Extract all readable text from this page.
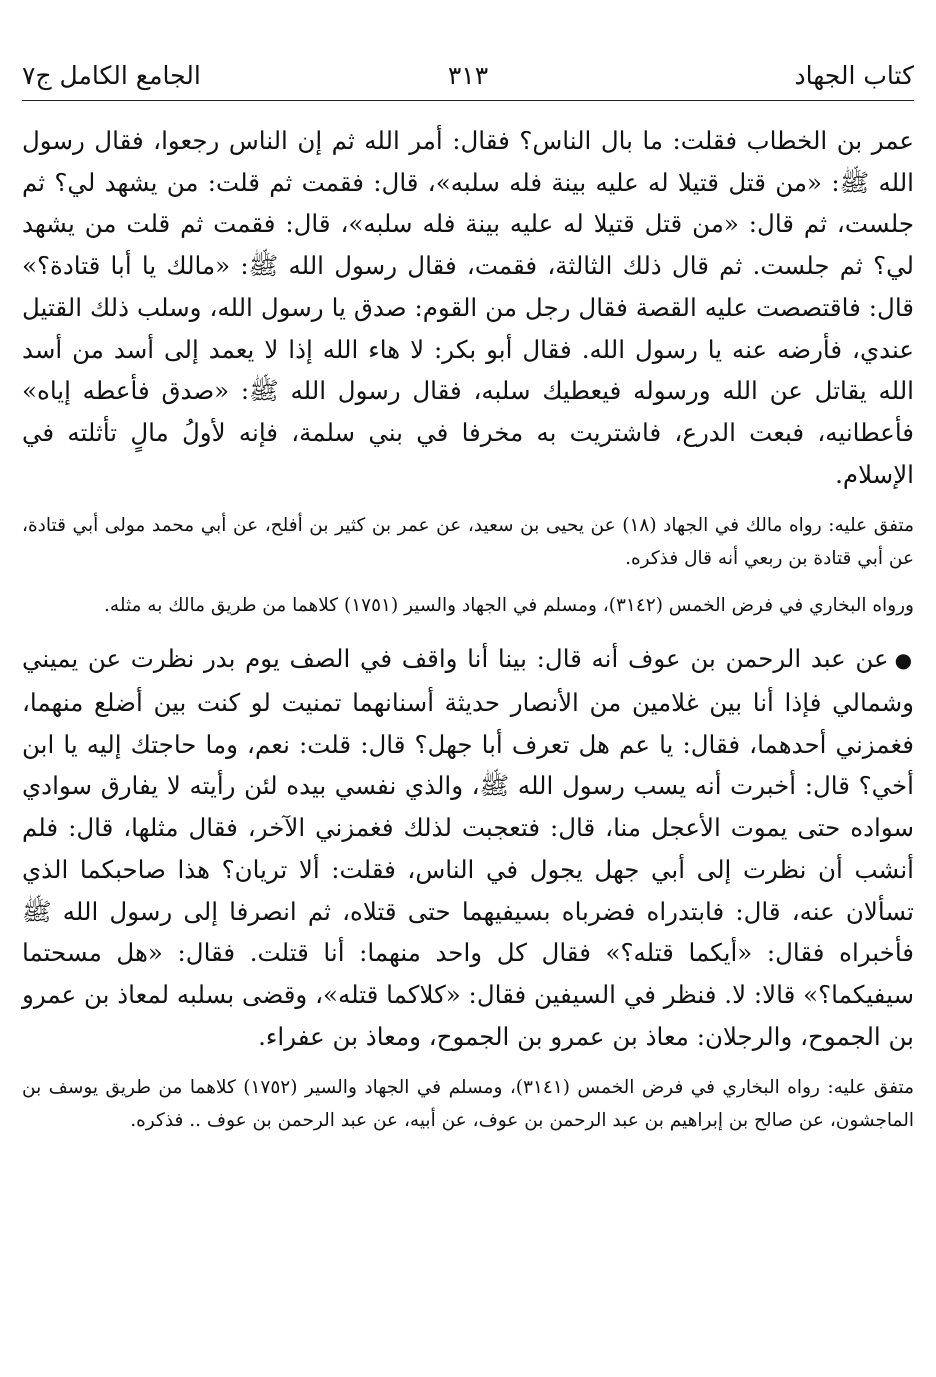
كتاب الجهاد
٣١٣
الجامع الكامل ج٧

عمر بن الخطاب فقلت: ما بال الناس؟ فقال: أمر الله ثم إن الناس رجعوا، فقال رسول الله ﷺ: «من قتل قتيلا له عليه بينة فله سلبه»، قال: فقمت ثم قلت: من يشهد لي؟ ثم جلست، ثم قال: «من قتل قتيلا له عليه بينة فله سلبه»، قال: فقمت ثم قلت من يشهد لي؟ ثم جلست. ثم قال ذلك الثالثة، فقمت، فقال رسول الله ﷺ: «مالك يا أبا قتادة؟» قال: فاقتصصت عليه القصة فقال رجل من القوم: صدق يا رسول الله، وسلب ذلك القتيل عندي، فأرضه عنه يا رسول الله. فقال أبو بكر: لا هاء الله إذا لا يعمد إلى أسد من أسد الله يقاتل عن الله ورسوله فيعطيك سلبه، فقال رسول الله ﷺ: «صدق فأعطه إياه» فأعطانيه، فبعت الدرع، فاشتريت به مخرفا في بني سلمة، فإنه لأولُ مالٍ تأثلته في الإسلام.

متفق عليه: رواه مالك في الجهاد (١٨) عن يحيى بن سعيد، عن عمر بن كثير بن أفلح، عن أبي محمد مولى أبي قتادة، عن أبي قتادة بن ربعي أنه قال فذكره.

ورواه البخاري في فرض الخمس (٣١٤٢)، ومسلم في الجهاد والسير (١٧٥١) كلاهما من طريق مالك به مثله.

●عن عبد الرحمن بن عوف أنه قال: بينا أنا واقف في الصف يوم بدر نظرت عن يميني وشمالي فإذا أنا بين غلامين من الأنصار حديثة أسنانهما تمنيت لو كنت بين أضلع منهما، فغمزني أحدهما، فقال: يا عم هل تعرف أبا جهل؟ قال: قلت: نعم، وما حاجتك إليه يا ابن أخي؟ قال: أخبرت أنه يسب رسول الله ﷺ، والذي نفسي بيده لئن رأيته لا يفارق سوادي سواده حتى يموت الأعجل منا، قال: فتعجبت لذلك فغمزني الآخر، فقال مثلها، قال: فلم أنشب أن نظرت إلى أبي جهل يجول في الناس، فقلت: ألا تريان؟ هذا صاحبكما الذي تسألان عنه، قال: فابتدراه فضرباه بسيفيهما حتى قتلاه، ثم انصرفا إلى رسول الله ﷺ فأخبراه فقال: «أيكما قتله؟» فقال كل واحد منهما: أنا قتلت. فقال: «هل مسحتما سيفيكما؟» قالا: لا. فنظر في السيفين فقال: «كلاكما قتله»، وقضى بسلبه لمعاذ بن عمرو بن الجموح، والرجلان: معاذ بن عمرو بن الجموح، ومعاذ بن عفراء.

متفق عليه: رواه البخاري في فرض الخمس (٣١٤١)، ومسلم في الجهاد والسير (١٧٥٢) كلاهما من طريق يوسف بن الماجشون، عن صالح بن إبراهيم بن عبد الرحمن بن عوف، عن أبيه، عن عبد الرحمن بن عوف .. فذكره.
